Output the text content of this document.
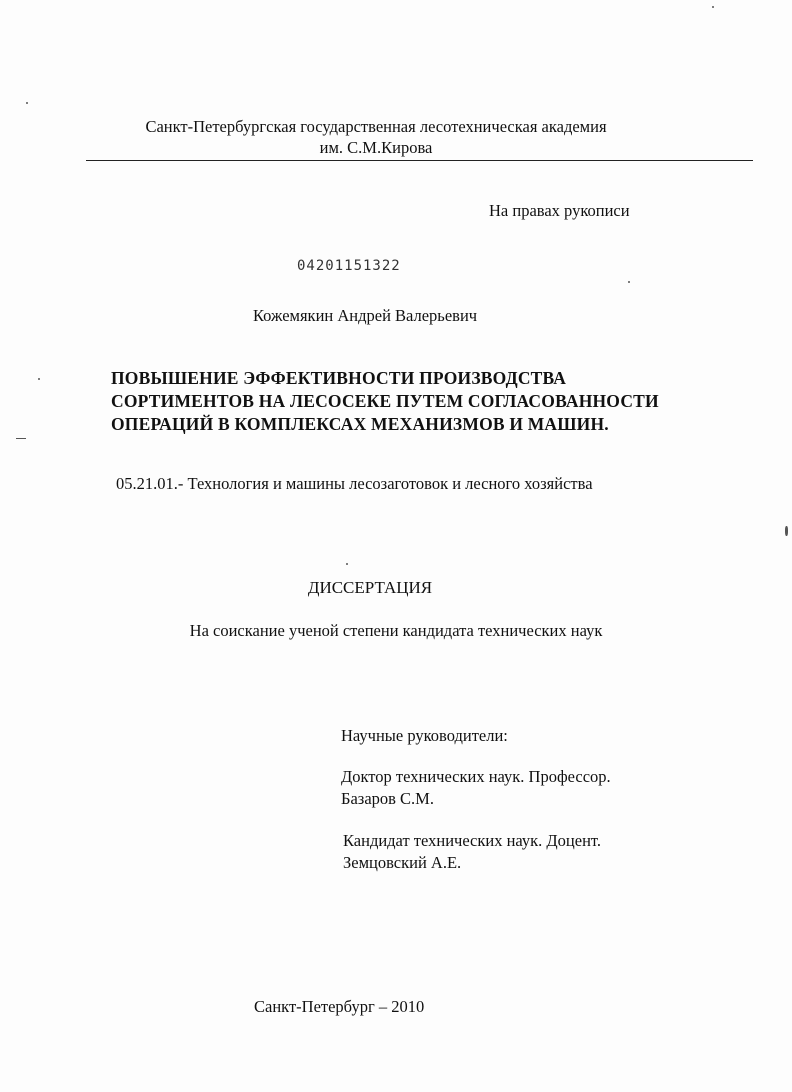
Санкт-Петербургская государственная лесотехническая академия
им. С.М.Кирова
На правах рукописи
04201151322
Кожемякин Андрей Валерьевич
ПОВЫШЕНИЕ ЭФФЕКТИВНОСТИ ПРОИЗВОДСТВА
СОРТИМЕНТОВ НА ЛЕСОСЕКЕ ПУТЕМ СОГЛАСОВАННОСТИ
ОПЕРАЦИЙ В КОМПЛЕКСАХ МЕХАНИЗМОВ И МАШИН.
05.21.01.- Технология и машины лесозаготовок и лесного хозяйства
ДИССЕРТАЦИЯ
На соискание ученой степени кандидата технических наук
Научные руководители:
Доктор технических наук. Профессор.
Базаров С.М.
Кандидат технических наук. Доцент.
Земцовский А.Е.
Санкт-Петербург – 2010
